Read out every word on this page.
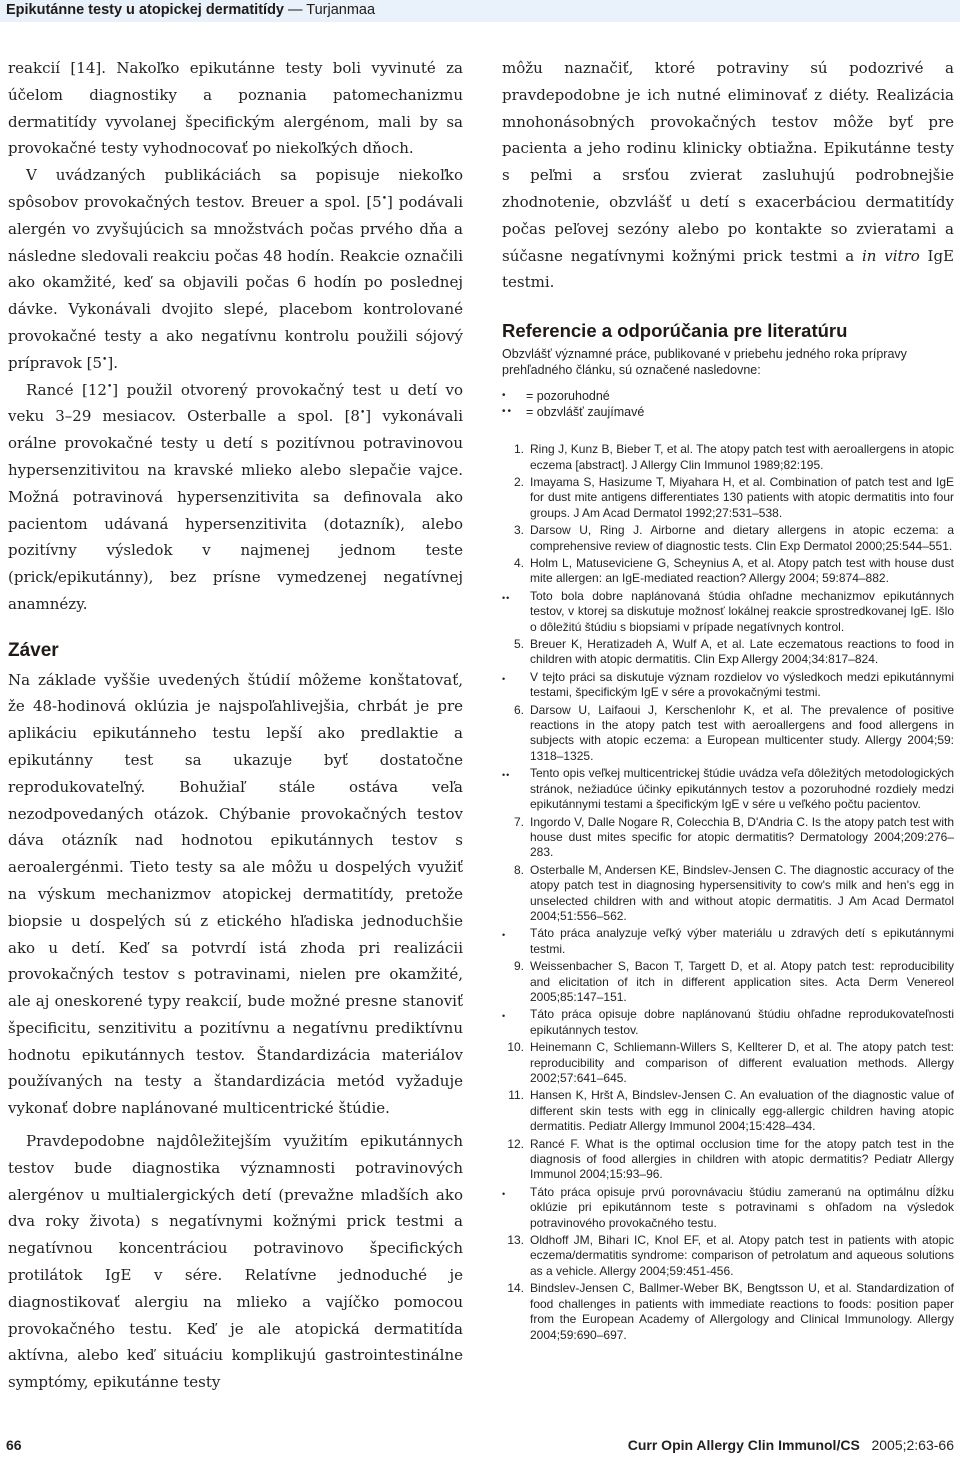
Epikutánne testy u atopickej dermatitídy — Turjanmaa

reakcií [14]. Nakoľko epikutánne testy boli vyvinuté za účelom diagnostiky a poznania patomechanizmu dermatitídy vyvolanej špecifickým alergénom, mali by sa provokačné testy vyhodnocovať po niekoľkých dňoch.

V uvádzaných publikáciách sa popisuje niekoľko spôsobov provokačných testov. Breuer a spol. [5•] podávali alergén vo zvyšujúcich sa množstvách počas prvého dňa a následne sledovali reakciu počas 48 hodín. Reakcie označili ako okamžité, keď sa objavili počas 6 hodín po poslednej dávke. Vykonávali dvojito slepé, placebom kontrolované provokačné testy a ako negatívnu kontrolu použili sójový prípravok [5•].

Rancé [12•] použil otvorený provokačný test u detí vo veku 3–29 mesiacov. Osterballe a spol. [8•] vykonávali orálne provokačné testy u detí s pozitívnou potravinovou hypersenzitivitou na kravské mlieko alebo slepačie vajce. Možná potravinová hypersenzitivita sa definovala ako pacientom udávaná hypersenzitivita (dotazník), alebo pozitívny výsledok v najmenej jednom teste (prick/epikutánny), bez prísne vymedzenej negatívnej anamnézy.

Záver

Na základe vyššie uvedených štúdií môžeme konštatovať, že 48-hodinová oklúzia je najspoľahlivejšia, chrbát je pre aplikáciu epikutánneho testu lepší ako predlaktie a epikutánny test sa ukazuje byť dostatočne reprodukovateľný. Bohužiaľ stále ostáva veľa nezodpovedaných otázok. Chýbanie provokačných testov dáva otázník nad hodnotou epikutánnych testov s aeroalergénmi. Tieto testy sa ale môžu u dospelých využiť na výskum mechanizmov atopickej dermatitídy, pretože biopsie u dospelých sú z etického hľadiska jednoduchšie ako u detí. Keď sa potvrdí istá zhoda pri realizácii provokačných testov s potravinami, nielen pre okamžité, ale aj oneskorené typy reakcií, bude možné presne stanoviť špecificitu, senzitivitu a pozitívnu a negatívnu prediktívnu hodnotu epikutánnych testov. Štandardizácia materiálov používaných na testy a štandardizácia metód vyžaduje vykonať dobre naplánované multicentrické štúdie.

Pravdepodobne najdôležitejším využitím epikutánnych testov bude diagnostika významnosti potravinových alergénov u multialergických detí (prevažne mladších ako dva roky života) s negatívnymi kožnými prick testmi a negatívnou koncentráciou potravinovo špecifických protilátok IgE v sére. Relatívne jednoduché je diagnostikovať alergiu na mlieko a vajíčko pomocou provokačného testu. Keď je ale atopická dermatitída aktívna, alebo keď situáciu komplikujú gastrointestinálne symptómy, epikutánne testy

môžu naznačiť, ktoré potraviny sú podozrivé a pravdepodobne je ich nutné eliminovať z diéty. Realizácia mnohonásobných provokačných testov môže byť pre pacienta a jeho rodinu klinicky obtiažna. Epikutánne testy s peľmi a srsťou zvierat zasluhujú podrobnejšie zhodnotenie, obzvlášť u detí s exacerbáciou dermatitídy počas peľovej sezóny alebo po kontakte so zvieratami a súčasne negatívnymi kožnými prick testmi a in vitro IgE testmi.

Referencie a odporúčania pre literatúru

Obzvlášť významné práce, publikované v priebehu jedného roka prípravy prehľadného článku, sú označené nasledovne:

•	= pozoruhodné
••	= obzvlášť zaujímavé
1. Ring J, Kunz B, Bieber T, et al. The atopy patch test with aeroallergens in atopic eczema [abstract]. J Allergy Clin Immunol 1989;82:195.
2. Imayama S, Hasizume T, Miyahara H, et al. Combination of patch test and IgE for dust mite antigens differentiates 130 patients with atopic dermatitis into four groups. J Am Acad Dermatol 1992;27:531–538.
3. Darsow U, Ring J. Airborne and dietary allergens in atopic eczema: a comprehensive review of diagnostic tests. Clin Exp Dermatol 2000;25:544–551.
4. Holm L, Matuseviciene G, Scheynius A, et al. Atopy patch test with house dust mite allergen: an IgE-mediated reaction? Allergy 2004; 59:874–882.
••	Toto bola dobre naplánovaná štúdia ohľadne mechanizmov epikutánnych testov, v ktorej sa diskutuje možnosť lokálnej reakcie sprostredkovanej IgE. Išlo o dôležitú štúdiu s biopsiami v prípade negatívnych kontrol.
5. Breuer K, Heratizadeh A, Wulf A, et al. Late eczematous reactions to food in children with atopic dermatitis. Clin Exp Allergy 2004;34:817–824.
•	V tejto práci sa diskutuje význam rozdielov vo výsledkoch medzi epikutánnymi testami, špecifickým IgE v sére a provokačnými testmi.
6. Darsow U, Laifaoui J, Kerschenlohr K, et al. The prevalence of positive reactions in the atopy patch test with aeroallergens and food allergens in subjects with atopic eczema: a European multicenter study. Allergy 2004;59: 1318–1325.
••	Tento opis veľkej multicentrickej štúdie uvádza veľa dôležitých metodologických stránok, nežiadúce účinky epikutánnych testov a pozoruhodné rozdiely medzi epikutánnymi testami a špecifickým IgE v sére u veľkého počtu pacientov.
7. Ingordo V, Dalle Nogare R, Colecchia B, D'Andria C. Is the atopy patch test with house dust mites specific for atopic dermatitis? Dermatology 2004;209:276–283.
8. Osterballe M, Andersen KE, Bindslev-Jensen C. The diagnostic accuracy of the atopy patch test in diagnosing hypersensitivity to cow's milk and hen's egg in unselected children with and without atopic dermatitis. J Am Acad Dermatol 2004;51:556–562.
•	Táto práca analyzuje veľký výber materiálu u zdravých detí s epikutánnymi testmi.
9. Weissenbacher S, Bacon T, Targett D, et al. Atopy patch test: reproducibility and elicitation of itch in different application sites. Acta Derm Venereol 2005;85:147–151.
•	Táto práca opisuje dobre naplánovanú štúdiu ohľadne reprodukovateľnosti epikutánnych testov.
10. Heinemann C, Schliemann-Willers S, Kellterer D, et al. The atopy patch test: reproducibility and comparison of different evaluation methods. Allergy 2002;57:641–645.
11. Hansen K, Hršt A, Bindslev-Jensen C. An evaluation of the diagnostic value of different skin tests with egg in clinically egg-allergic children having atopic dermatitis. Pediatr Allergy Immunol 2004;15:428–434.
12. Rancé F. What is the optimal occlusion time for the atopy patch test in the diagnosis of food allergies in children with atopic dermatitis? Pediatr Allergy Immunol 2004;15:93–96.
•	Táto práca opisuje prvú porovnávaciu štúdiu zameranú na optimálnu dĺžku oklúzie pri epikutánnom teste s potravinami s ohľadom na výsledok potravinového provokačného testu.
13. Oldhoff JM, Bihari IC, Knol EF, et al. Atopy patch test in patients with atopic eczema/dermatitis syndrome: comparison of petrolatum and aqueous solutions as a vehicle. Allergy 2004;59:451-456.
14. Bindslev-Jensen C, Ballmer-Weber BK, Bengtsson U, et al. Standardization of food challenges in patients with immediate reactions to foods: position paper from the European Academy of Allergology and Clinical Immunology. Allergy 2004;59:690–697.
66	Curr Opin Allergy Clin Immunol/CS 2005;2:63-66
